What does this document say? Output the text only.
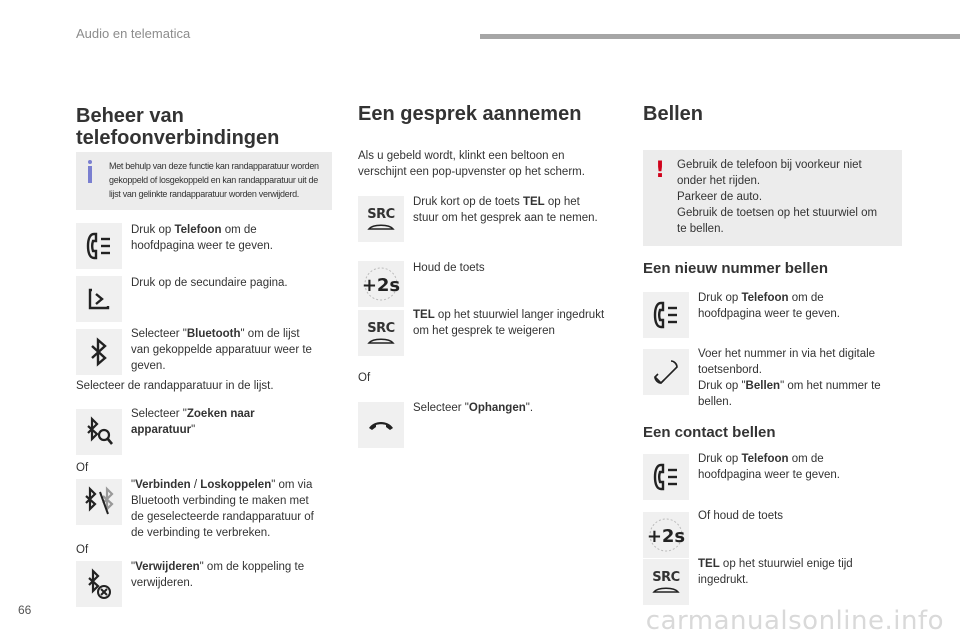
Audio en telematica
Beheer van
telefoonverbindingen
Met behulp van deze functie kan randapparatuur worden
gekoppeld of losgekoppeld en kan randapparatuur uit de
lijst van gelinkte randapparatuur worden verwijderd.
Druk op Telefoon om de
hoofdpagina weer te geven.
Druk op de secundaire pagina.
Selecteer "Bluetooth" om de lijst
van gekoppelde apparatuur weer te
geven.
Selecteer de randapparatuur in de lijst.
Selecteer "Zoeken naar
apparatuur"
Of
"Verbinden / Loskoppelen" om via
Bluetooth verbinding te maken met
de geselecteerde randapparatuur of
de verbinding te verbreken.
Of
"Verwijderen" om de koppeling te
verwijderen.
Een gesprek aannemen
Als u gebeld wordt, klinkt een beltoon en
verschijnt een pop-upvenster op het scherm.
SRC
Druk kort op de toets TEL op het
stuur om het gesprek aan te nemen.
+2s
Houd de toets
SRC
TEL op het stuurwiel langer ingedrukt
om het gesprek te weigeren
Of
Selecteer "Ophangen".
Bellen
! Gebruik de telefoon bij voorkeur niet
onder het rijden.
Parkeer de auto.
Gebruik de toetsen op het stuurwiel om
te bellen.
Een nieuw nummer bellen
Druk op Telefoon om de
hoofdpagina weer te geven.
Voer het nummer in via het digitale
toetsenbord.
Druk op "Bellen" om het nummer te
bellen.
Een contact bellen
Druk op Telefoon om de
hoofdpagina weer te geven.
+2s
Of houd de toets
SRC
TEL op het stuurwiel enige tijd
ingedrukt.
66	carmanualsonline.info
